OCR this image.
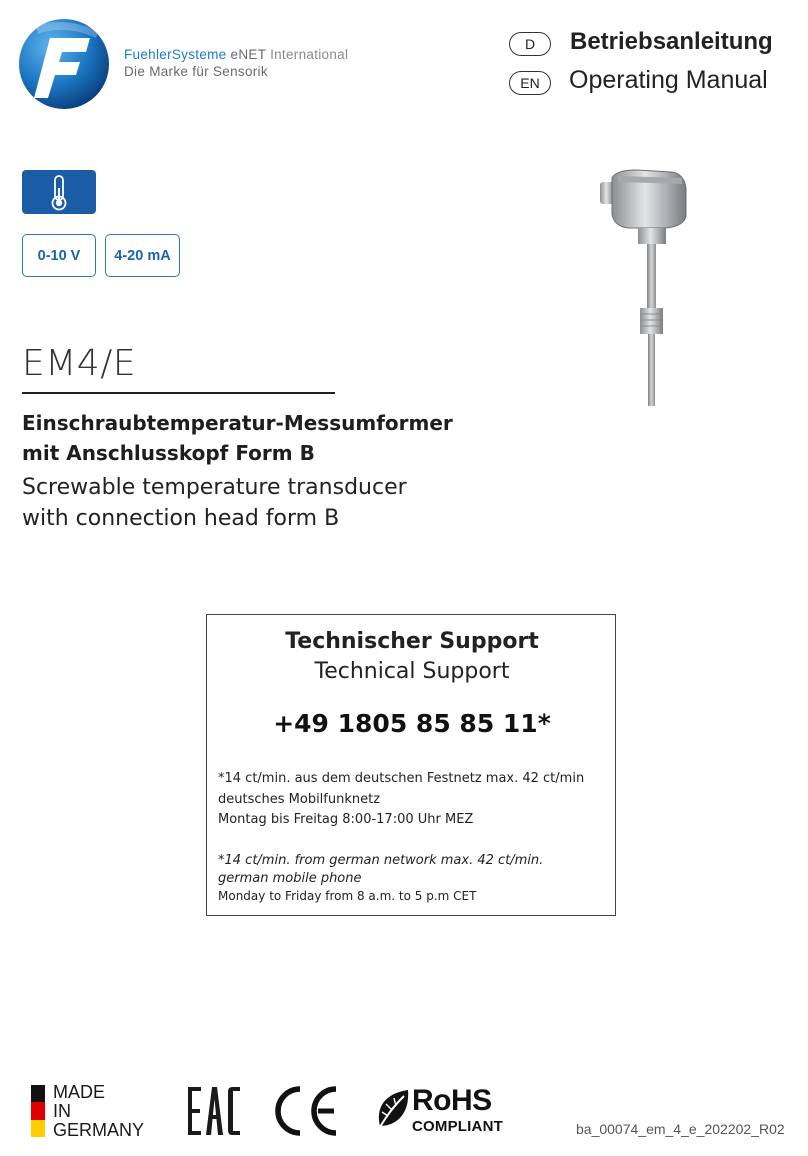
FuehlerSysteme eNET International
Die Marke für Sensorik
D	Betriebsanleitung
EN	Operating Manual
0-10 V	4-20 mA
EM4/E
Einschraubtemperatur-Messumformer
mit Anschlusskopf Form B
Screwable temperature transducer
with connection head form B
Technischer Support
Technical Support
+49 1805 85 85 11*
*14 ct/min. aus dem deutschen Festnetz max. 42 ct/min
deutsches Mobilfunknetz
Montag bis Freitag 8:00-17:00 Uhr MEZ
*14 ct/min. from german network max. 42 ct/min.
german mobile phone
Monday to Friday from 8 a.m. to 5 p.m CET
MADE
IN
GERMANY
RoHS
COMPLIANT	ba_00074_em_4_e_202202_R02
